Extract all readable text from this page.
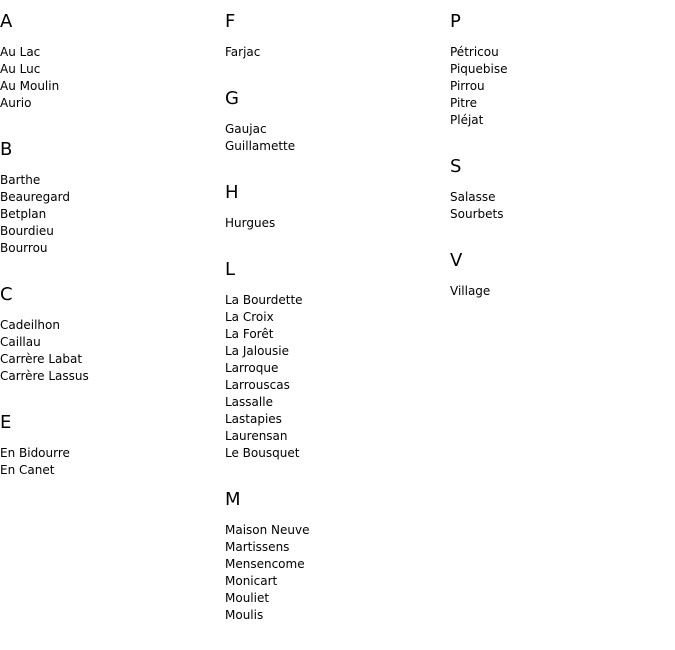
A
Au Lac
Au Luc
Au Moulin
Aurio
B
Barthe
Beauregard
Betplan
Bourdieu
Bourrou
C
Cadeilhon
Caillau
Carrère Labat
Carrère Lassus
E
En Bidourre
En Canet
F
Farjac
G
Gaujac
Guillamette
H
Hurgues
L
La Bourdette
La Croix
La Forêt
La Jalousie
Larroque
Larrouscas
Lassalle
Lastapies
Laurensan
Le Bousquet
M
Maison Neuve
Martissens
Mensencome
Monicart
Mouliet
Moulis
P
Pétricou
Piquebise
Pirrou
Pitre
Pléjat
S
Salasse
Sourbets
V
Village
